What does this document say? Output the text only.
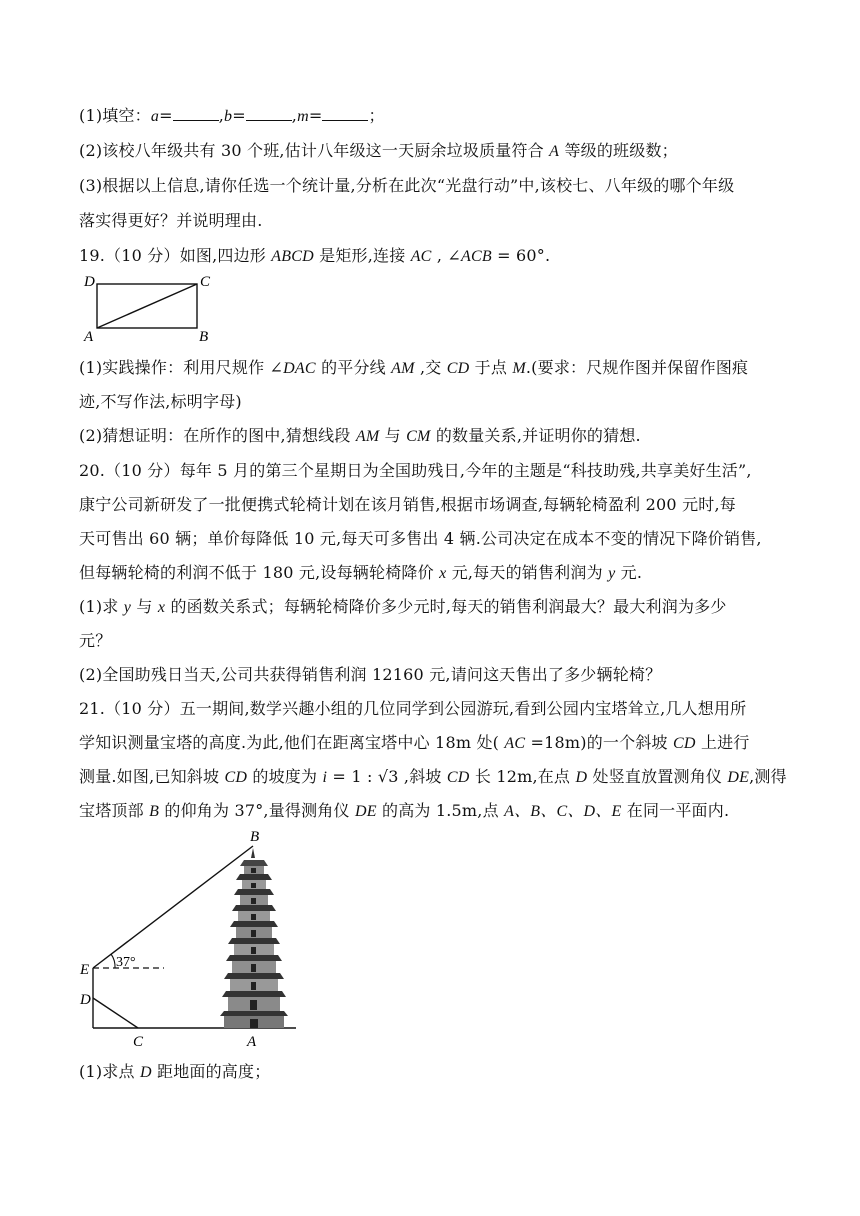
(1)填空：a=	,b=	,m=	；
(2)该校八年级共有 30 个班,估计八年级这一天厨余垃圾质量符合 A 等级的班级数；
(3)根据以上信息,请你任选一个统计量,分析在此次“光盘行动”中,该校七、八年级的哪个年级
落实得更好？并说明理由.
19.（10 分）如图,四边形 ABCD 是矩形,连接 AC , ∠ACB = 60°.
D	C
A	B
(1)实践操作：利用尺规作 ∠DAC 的平分线 AM ,交 CD 于点 M.(要求：尺规作图并保留作图痕
迹,不写作法,标明字母)
(2)猜想证明：在所作的图中,猜想线段 AM 与 CM 的数量关系,并证明你的猜想.
20.（10 分）每年 5 月的第三个星期日为全国助残日,今年的主题是“科技助残,共享美好生活”,
康宁公司新研发了一批便携式轮椅计划在该月销售,根据市场调查,每辆轮椅盈利 200 元时,每
天可售出 60 辆；单价每降低 10 元,每天可多售出 4 辆.公司决定在成本不变的情况下降价销售,
但每辆轮椅的利润不低于 180 元,设每辆轮椅降价 x 元,每天的销售利润为 y 元.
(1)求 y 与 x 的函数关系式；每辆轮椅降价多少元时,每天的销售利润最大？最大利润为多少
元？
(2)全国助残日当天,公司共获得销售利润 12160 元,请问这天售出了多少辆轮椅？
21.（10 分）五一期间,数学兴趣小组的几位同学到公园游玩,看到公园内宝塔耸立,几人想用所
学知识测量宝塔的高度.为此,他们在距离宝塔中心 18m 处( AC =18m)的一个斜坡 CD 上进行
测量.如图,已知斜坡 CD 的坡度为 i = 1 : √3 ,斜坡 CD 长 12m,在点 D 处竖直放置测角仪 DE,测得
宝塔顶部 B 的仰角为 37°,量得测角仪 DE 的高为 1.5m,点 A、B、C、D、E 在同一平面内.
B
E
D
C	A
37°
(1)求点 D 距地面的高度；
